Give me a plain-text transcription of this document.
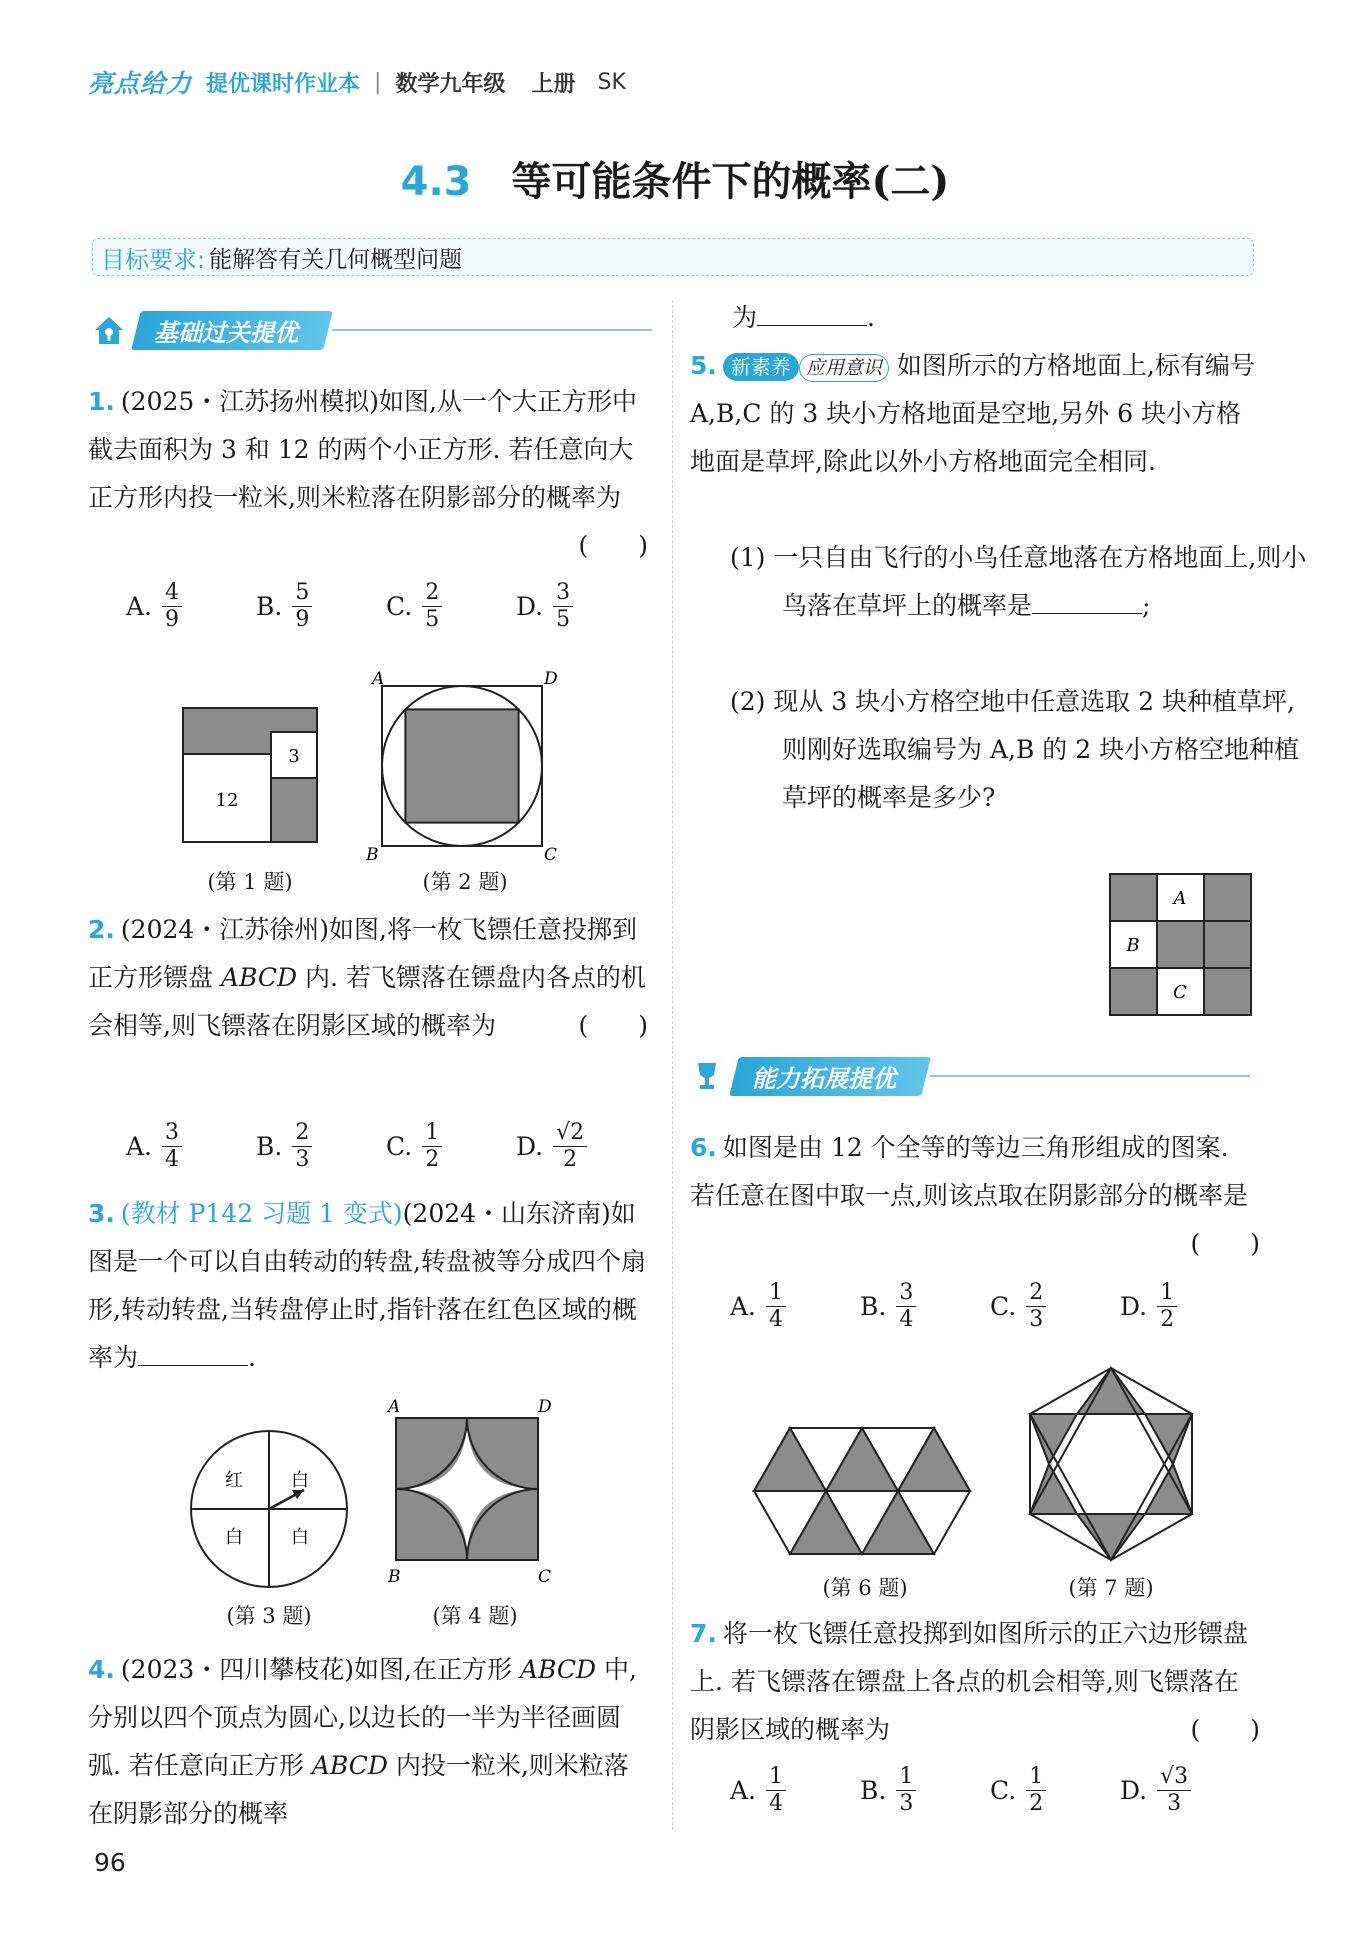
亮点给力 提优课时作业本 | 数学九年级 上册 SK
4.3 等可能条件下的概率(二)
目标要求: 能解答有关几何概型问题
基础过关提优
1. (2025・江苏扬州模拟)如图,从一个大正方形中截去面积为 3 和 12 的两个小正方形. 若任意向大正方形内投一粒米,则米粒落在阴影部分的概率为
(　　)
A. $\frac{4}{9}$	B. $\frac{5}{9}$	C. $\frac{2}{5}$	D. $\frac{3}{5}$
3
12
(第 1 题)
A	D
B	C
(第 2 题)
2. (2024・江苏徐州)如图,将一枚飞镖任意投掷到正方形镖盘 ABCD 内. 若飞镖落在镖盘内各点的机会相等,则飞镖落在阴影区域的概率为	(　　)
A. $\frac{3}{4}$	B. $\frac{2}{3}$	C. $\frac{1}{2}$	D. $\frac{√2}{2}$
3. (教材 P142 习题 1 变式)(2024・山东济南)如图是一个可以自由转动的转盘,转盘被等分成四个扇形,转动转盘,当转盘停止时,指针落在红色区域的概率为	.
红	白
白	白
(第 3 题)
A	D
B	C
(第 4 题)
4. (2023・四川攀枝花)如图,在正方形 ABCD 中,分别以四个顶点为圆心,以边长的一半为半径画圆弧. 若任意向正方形 ABCD 内投一粒米,则米粒落在阴影部分的概率
为	.
5. 新素养 应用意识 如图所示的方格地面上,标有编号 A,B,C 的 3 块小方格地面是空地,另外 6 块小方格地面是草坪,除此以外小方格地面完全相同.
(1) 一只自由飞行的小鸟任意地落在方格地面上,则小鸟落在草坪上的概率是	;
(2) 现从 3 块小方格空地中任意选取 2 块种植草坪,则刚好选取编号为 A,B 的 2 块小方格空地种植草坪的概率是多少?
A
B
C
能力拓展提优
6. 如图是由 12 个全等的等边三角形组成的图案. 若任意在图中取一点,则该点取在阴影部分的概率是
(　　)
A. $\frac{1}{4}$	B. $\frac{3}{4}$	C. $\frac{2}{3}$	D. $\frac{1}{2}$
(第 6 题)	(第 7 题)
7. 将一枚飞镖任意投掷到如图所示的正六边形镖盘上. 若飞镖落在镖盘上各点的机会相等,则飞镖落在阴影区域的概率为	(　　)
A. $\frac{1}{4}$	B. $\frac{1}{3}$	C. $\frac{1}{2}$	D. $\frac{√3}{3}$
96
